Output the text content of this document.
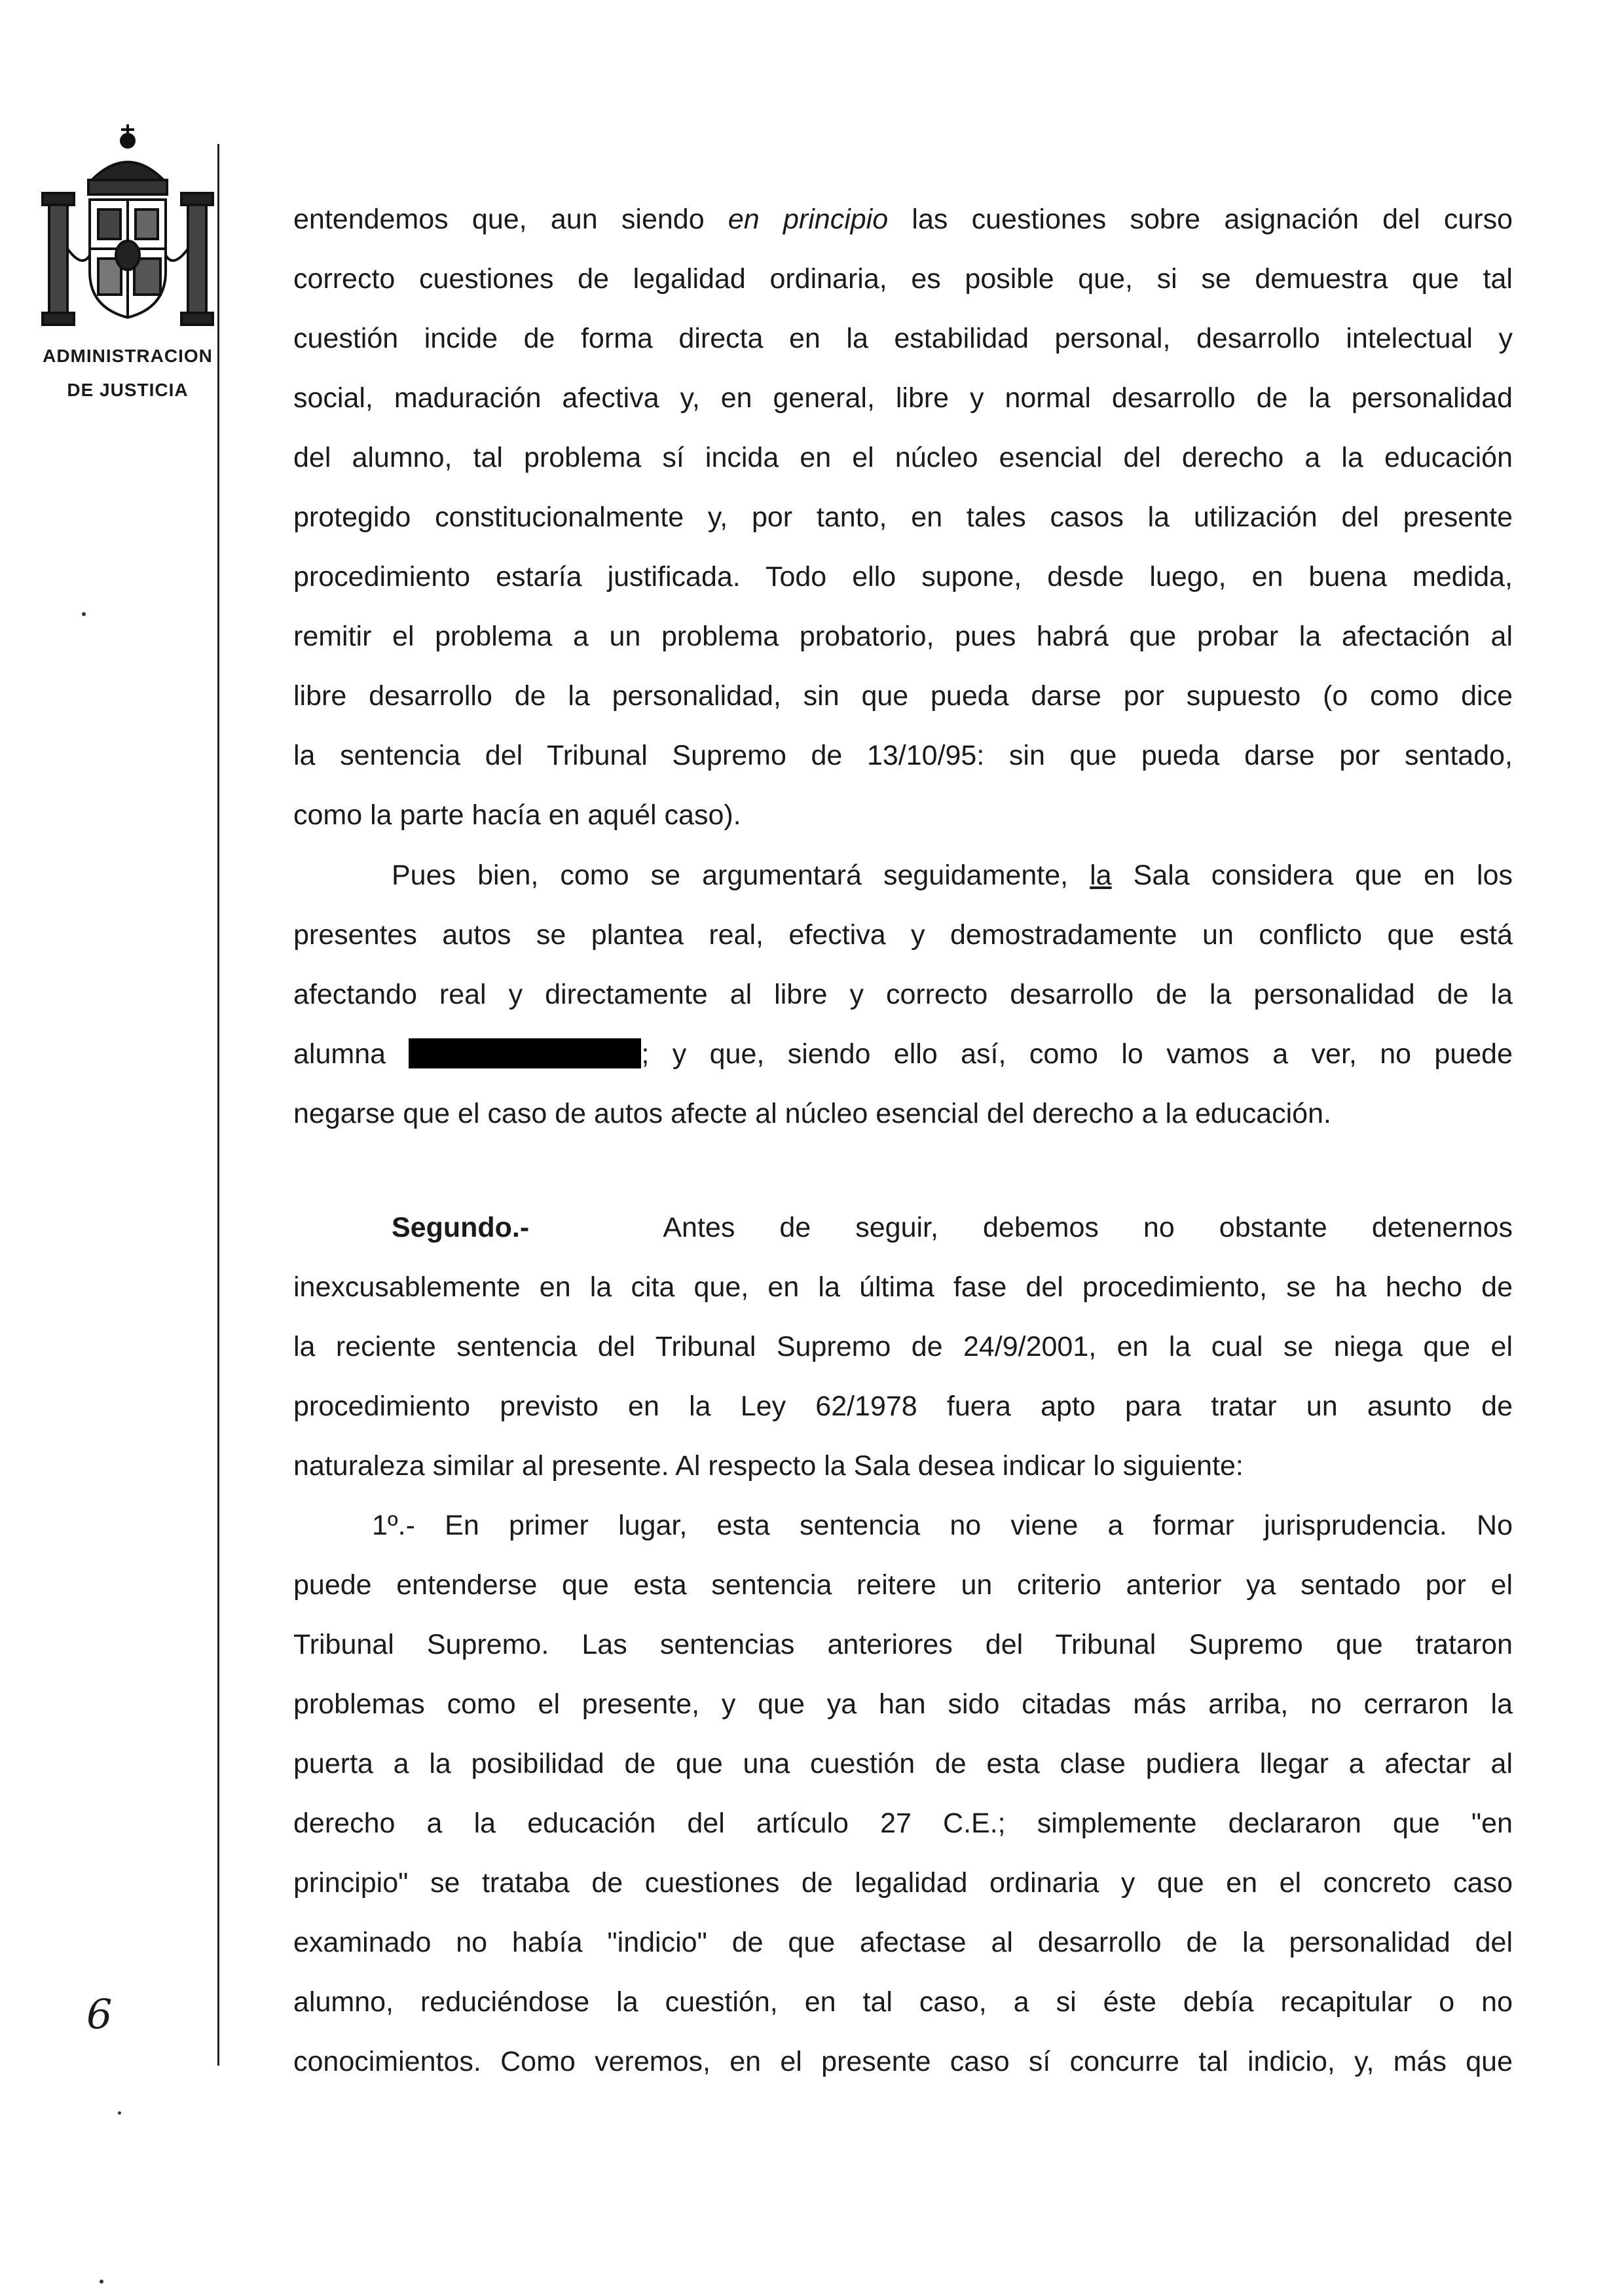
ADMINISTRACION
DE JUSTICIA
6
entendemos que, aun siendo en principio las cuestiones sobre asignación del curso
correcto cuestiones de legalidad ordinaria, es posible que, si se demuestra que tal
cuestión incide de forma directa en la estabilidad personal, desarrollo intelectual y
social, maduración afectiva y, en general, libre y normal desarrollo de la personalidad
del alumno, tal problema sí incida en el núcleo esencial del derecho a la educación
protegido constitucionalmente y, por tanto, en tales casos la utilización del presente
procedimiento estaría justificada. Todo ello supone, desde luego, en buena medida,
remitir el problema a un problema probatorio, pues habrá que probar la afectación al
libre desarrollo de la personalidad, sin que pueda darse por supuesto (o como dice
la sentencia del Tribunal Supremo de 13/10/95: sin que pueda darse por sentado,
como la parte hacía en aquél caso).
Pues bien, como se argumentará seguidamente, la Sala considera que en los
presentes autos se plantea real, efectiva y demostradamente un conflicto que está
afectando real y directamente al libre y correcto desarrollo de la personalidad de la
alumna	; y que, siendo ello así, como lo vamos a ver, no puede
negarse que el caso de autos afecte al núcleo esencial del derecho a la educación.
Segundo.-	Antes de seguir, debemos no obstante detenernos
inexcusablemente en la cita que, en la última fase del procedimiento, se ha hecho de
la reciente sentencia del Tribunal Supremo de 24/9/2001, en la cual se niega que el
procedimiento previsto en la Ley 62/1978 fuera apto para tratar un asunto de
naturaleza similar al presente. Al respecto la Sala desea indicar lo siguiente:
1º.- En primer lugar, esta sentencia no viene a formar jurisprudencia. No
puede entenderse que esta sentencia reitere un criterio anterior ya sentado por el
Tribunal Supremo. Las sentencias anteriores del Tribunal Supremo que trataron
problemas como el presente, y que ya han sido citadas más arriba, no cerraron la
puerta a la posibilidad de que una cuestión de esta clase pudiera llegar a afectar al
derecho a la educación del artículo 27 C.E.; simplemente declararon que "en
principio" se trataba de cuestiones de legalidad ordinaria y que en el concreto caso
examinado no había "indicio" de que afectase al desarrollo de la personalidad del
alumno, reduciéndose la cuestión, en tal caso, a si éste debía recapitular o no
conocimientos. Como veremos, en el presente caso sí concurre tal indicio, y, más que
